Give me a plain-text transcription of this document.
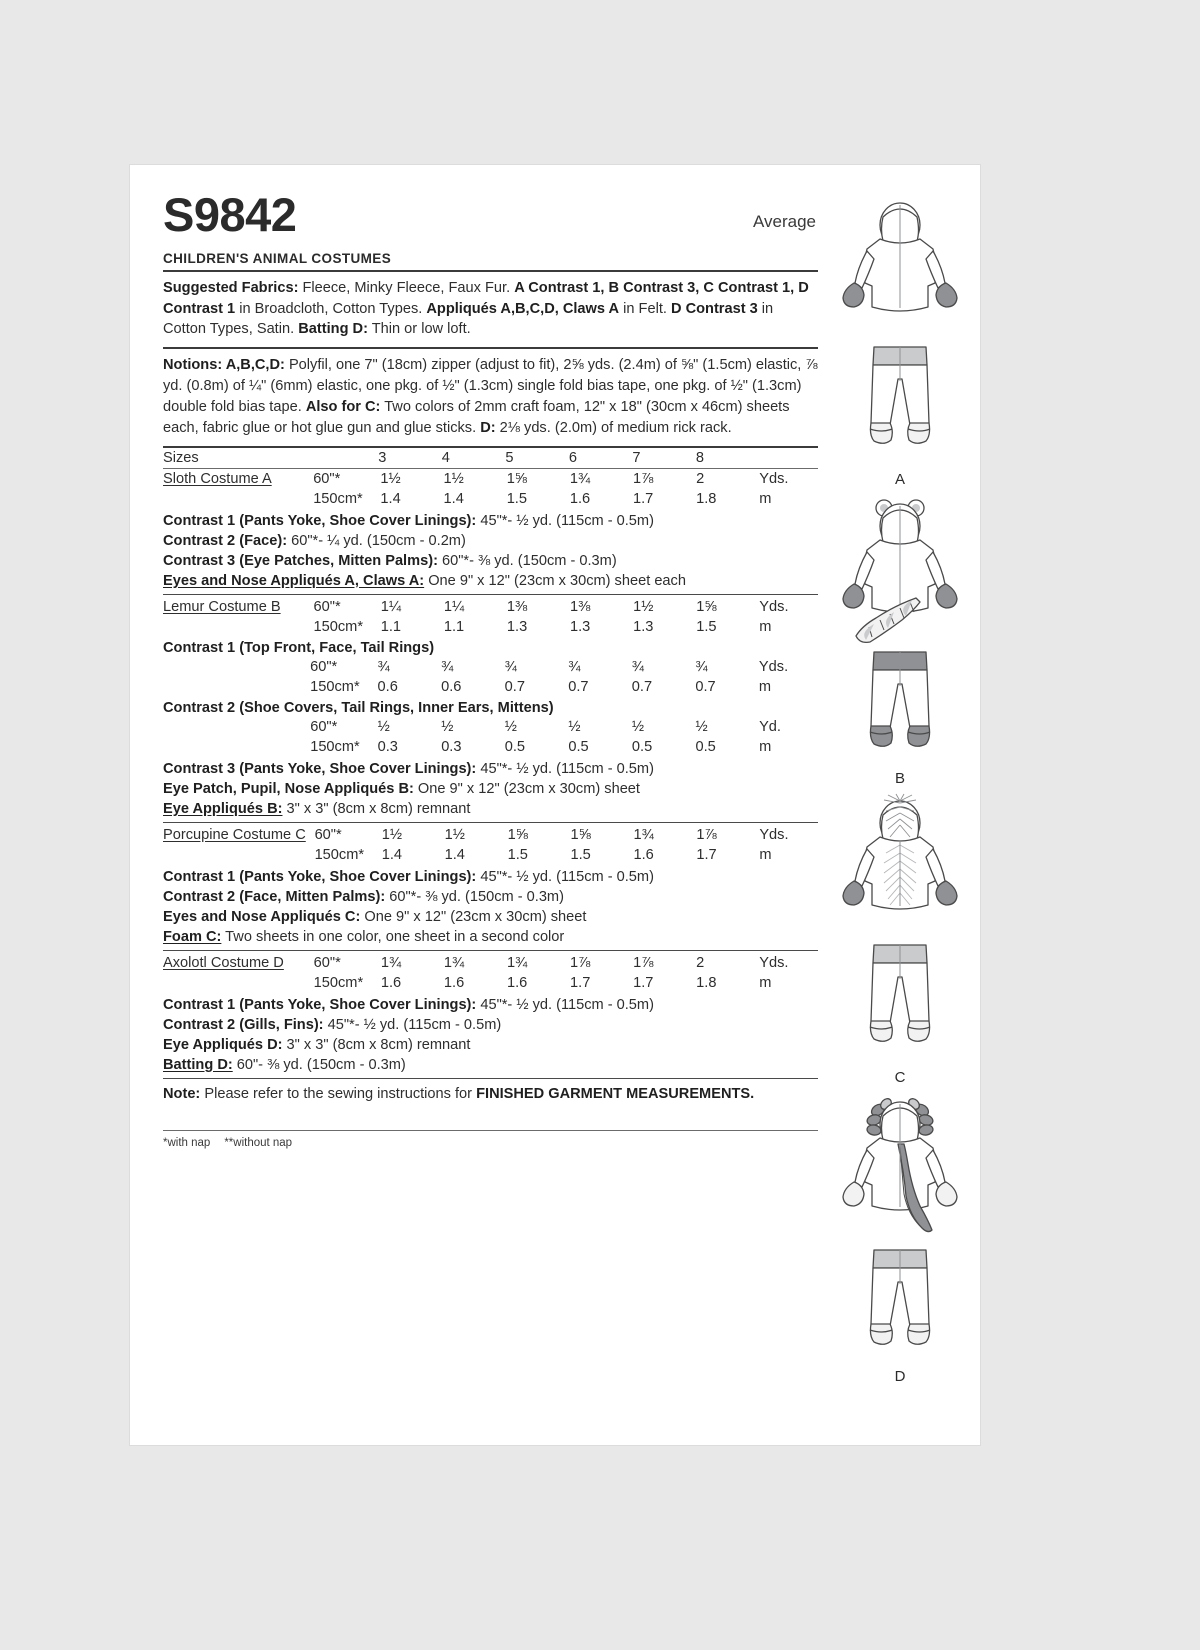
S9842	Average
CHILDREN'S ANIMAL COSTUMES

Suggested Fabrics: Fleece, Minky Fleece, Faux Fur. A Contrast 1, B Contrast 3, C Contrast 1, D Contrast 1 in Broadcloth, Cotton Types. Appliqués A,B,C,D, Claws A in Felt. D Contrast 3 in Cotton Types, Satin. Batting D: Thin or low loft.

Notions: A,B,C,D: Polyfil, one 7" (18cm) zipper (adjust to fit), 2⅝ yds. (2.4m) of ⅝" (1.5cm) elastic, ⅞ yd. (0.8m) of ¼" (6mm) elastic, one pkg. of ½" (1.3cm) single fold bias tape, one pkg. of ½" (1.3cm) double fold bias tape. Also for C: Two colors of 2mm craft foam, 12" x 18" (30cm x 46cm) sheets each, fabric glue or hot glue gun and glue sticks. D: 2⅛ yds. (2.0m) of medium rick rack.

Sizes		3	4	5	6	7	8	
Sloth Costume A	60"*	1½	1½	1⅝	1¾	1⅞	2	Yds.
	150cm*	1.4	1.4	1.5	1.6	1.7	1.8	m

Contrast 1 (Pants Yoke, Shoe Cover Linings): 45"*- ½ yd. (115cm - 0.5m)

Contrast 2 (Face): 60"*- ¼ yd. (150cm - 0.2m)

Contrast 3 (Eye Patches, Mitten Palms): 60"*- ⅜ yd. (150cm - 0.3m)

Eyes and Nose Appliqués A, Claws A: One 9" x 12" (23cm x 30cm) sheet each

Lemur Costume B	60"*	1¼	1¼	1⅜	1⅜	1½	1⅝	Yds.
	150cm*	1.1	1.1	1.3	1.3	1.3	1.5	m
Contrast 1 (Top Front, Face, Tail Rings)
	60"*	¾	¾	¾	¾	¾	¾	Yds.
	150cm*	0.6	0.6	0.7	0.7	0.7	0.7	m
Contrast 2 (Shoe Covers, Tail Rings, Inner Ears, Mittens)
	60"*	½	½	½	½	½	½	Yd.
	150cm*	0.3	0.3	0.5	0.5	0.5	0.5	m

Contrast 3 (Pants Yoke, Shoe Cover Linings): 45"*- ½ yd. (115cm - 0.5m)

Eye Patch, Pupil, Nose Appliqués B: One 9" x 12" (23cm x 30cm) sheet

Eye Appliqués B: 3" x 3" (8cm x 8cm) remnant

Porcupine Costume C	60"*	1½	1½	1⅝	1⅝	1¾	1⅞	Yds.
	150cm*	1.4	1.4	1.5	1.5	1.6	1.7	m

Contrast 1 (Pants Yoke, Shoe Cover Linings): 45"*- ½ yd. (115cm - 0.5m)

Contrast 2 (Face, Mitten Palms): 60"*- ⅜ yd. (150cm - 0.3m)

Eyes and Nose Appliqués C: One 9" x 12" (23cm x 30cm) sheet

Foam C: Two sheets in one color, one sheet in a second color

Axolotl Costume D	60"*	1¾	1¾	1¾	1⅞	1⅞	2	Yds.
	150cm*	1.6	1.6	1.6	1.7	1.7	1.8	m

Contrast 1 (Pants Yoke, Shoe Cover Linings): 45"*- ½ yd. (115cm - 0.5m)

Contrast 2 (Gills, Fins): 45"*- ½ yd. (115cm - 0.5m)

Eye Appliqués D: 3" x 3" (8cm x 8cm) remnant

Batting D: 60"- ⅜ yd. (150cm - 0.3m)

Note: Please refer to the sewing instructions for FINISHED GARMENT MEASUREMENTS.

*with nap **without nap
A
B
C
D
